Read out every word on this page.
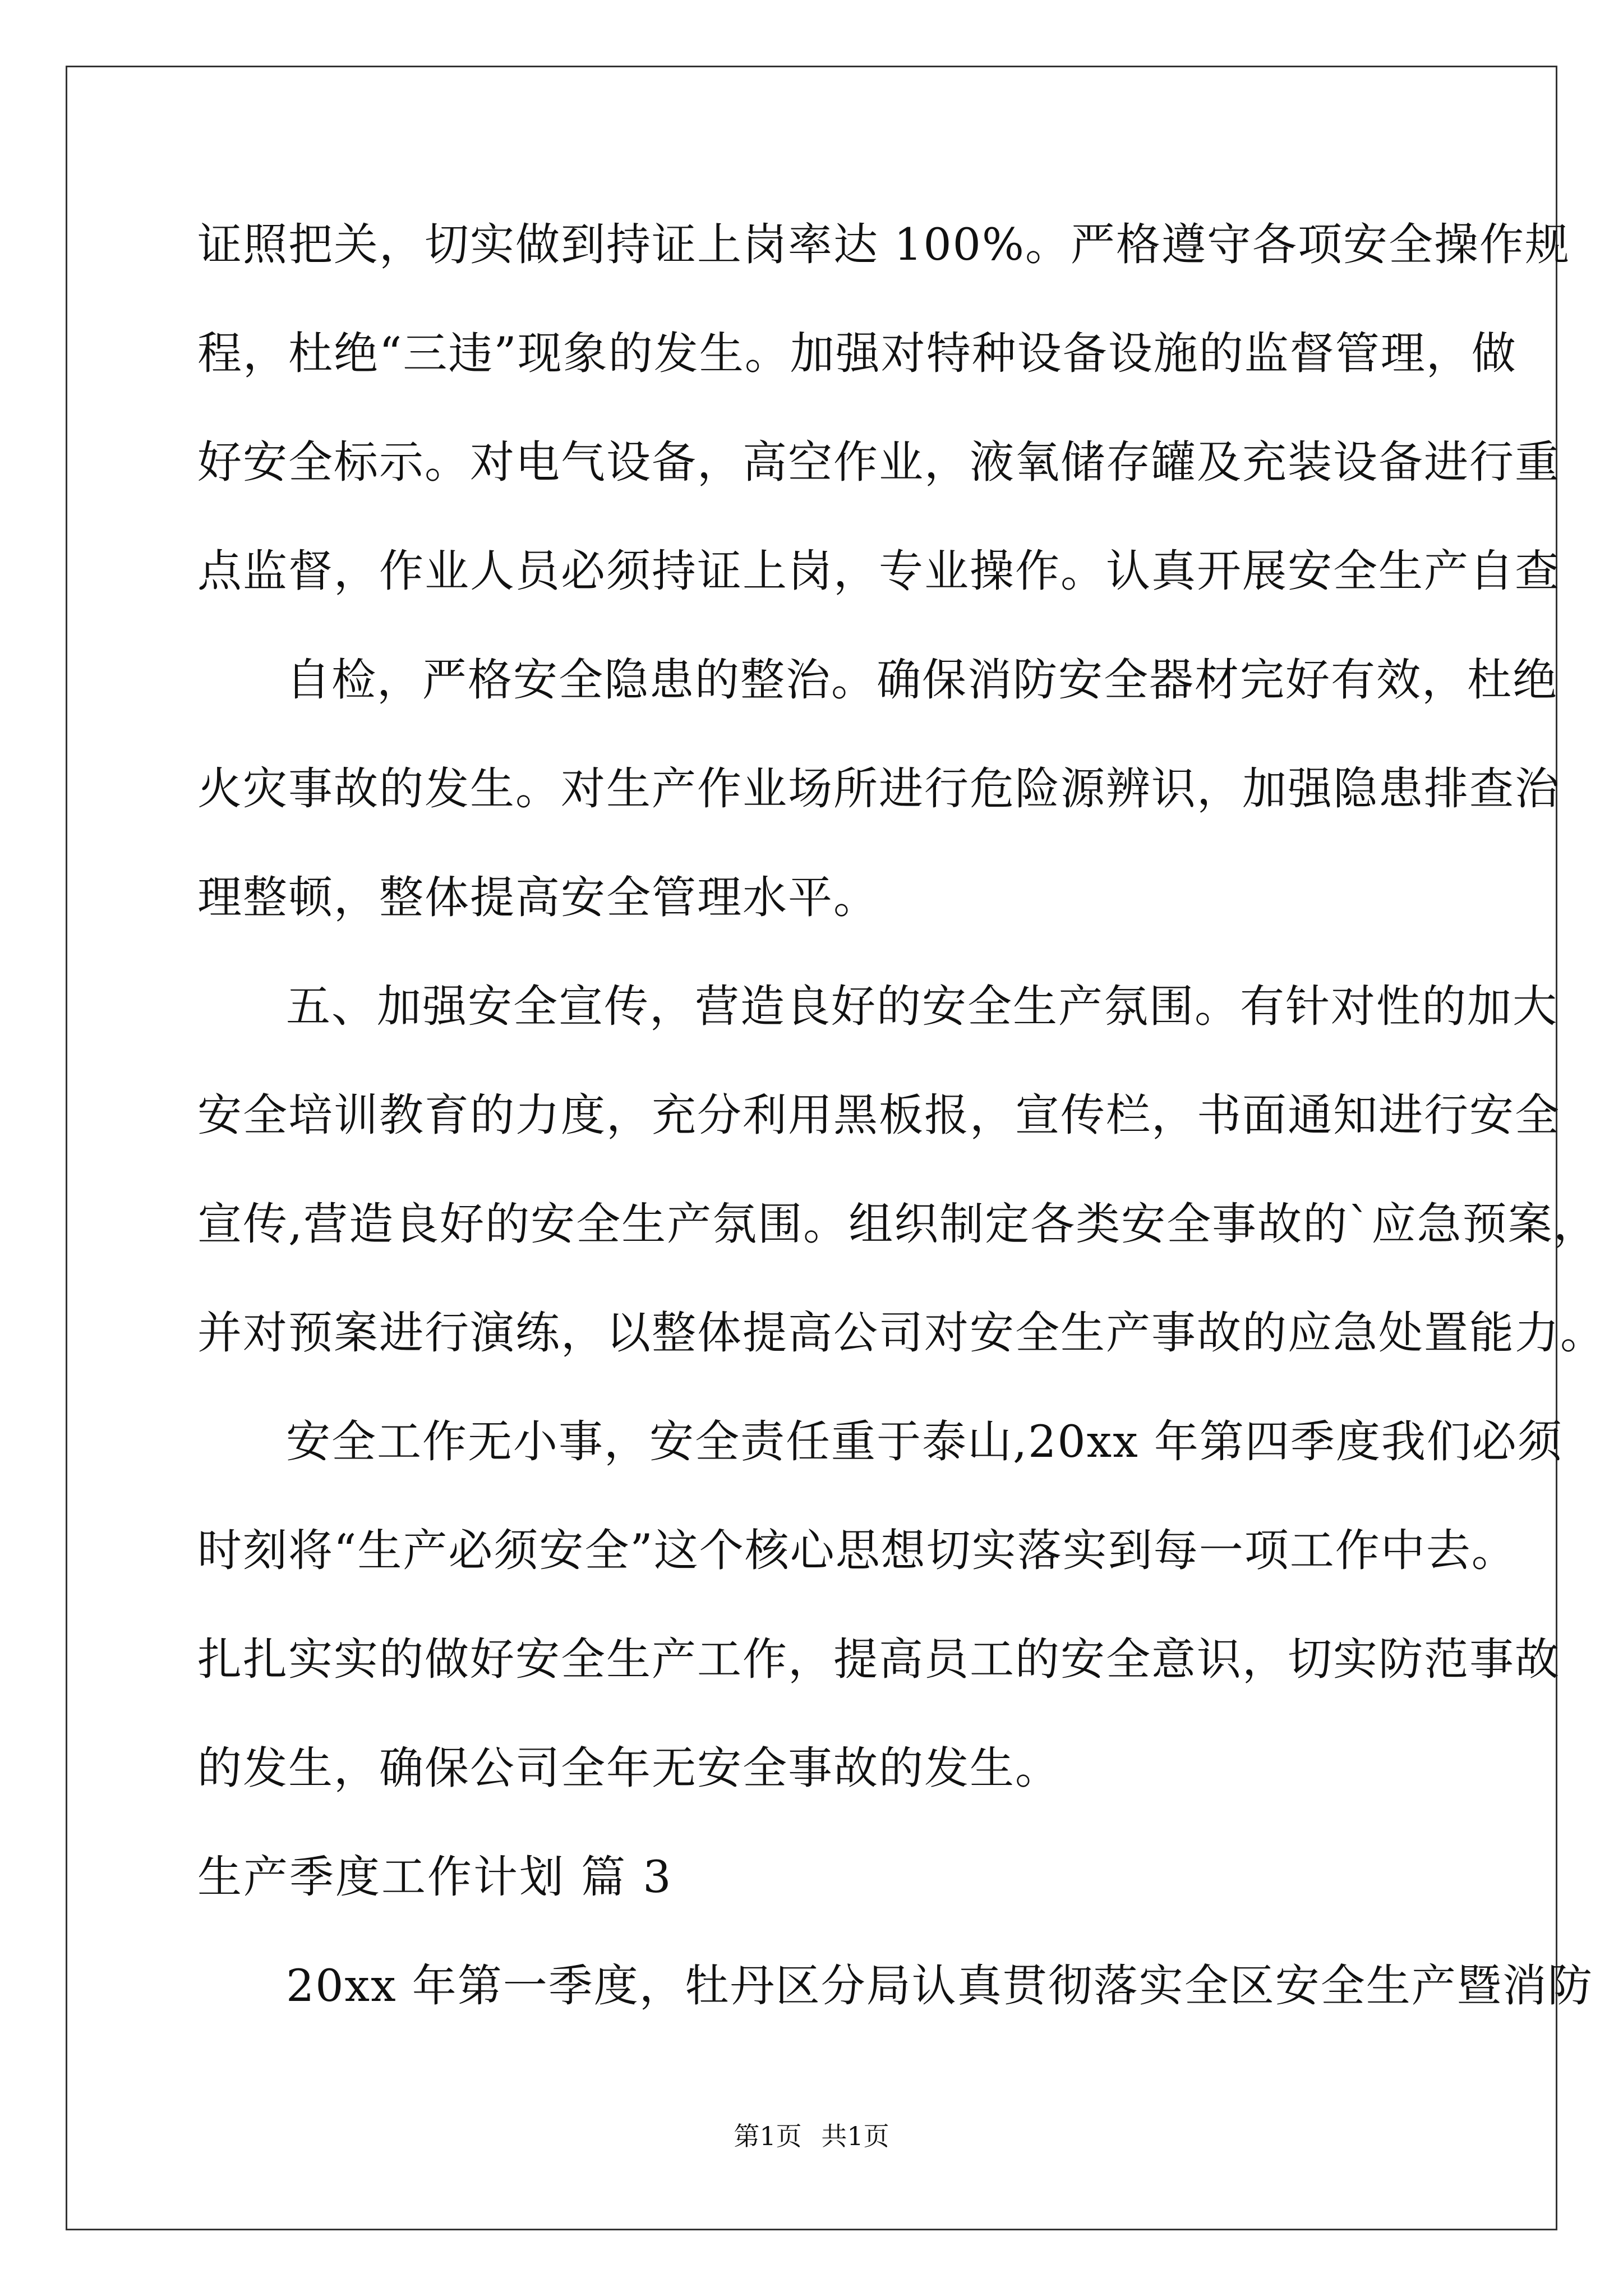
证照把关，切实做到持证上岗率达 100%。严格遵守各项安全操作规
程，杜绝“三违”现象的发生。加强对特种设备设施的监督管理，做
好安全标示。对电气设备，高空作业，液氧储存罐及充装设备进行重
点监督，作业人员必须持证上岗，专业操作。认真开展安全生产自查
自检，严格安全隐患的整治。确保消防安全器材完好有效，杜绝
火灾事故的发生。对生产作业场所进行危险源辨识，加强隐患排查治
理整顿，整体提高安全管理水平。
五、加强安全宣传，营造良好的安全生产氛围。有针对性的加大
安全培训教育的力度，充分利用黑板报，宣传栏，书面通知进行安全
宣传,营造良好的安全生产氛围。组织制定各类安全事故的`应急预案，
并对预案进行演练，以整体提高公司对安全生产事故的应急处置能力。
安全工作无小事，安全责任重于泰山,20xx 年第四季度我们必须
时刻将“生产必须安全”这个核心思想切实落实到每一项工作中去。
扎扎实实的做好安全生产工作，提高员工的安全意识，切实防范事故
的发生，确保公司全年无安全事故的发生。
生产季度工作计划 篇 3
20xx 年第一季度，牡丹区分局认真贯彻落实全区安全生产暨消防
第1页 共1页
